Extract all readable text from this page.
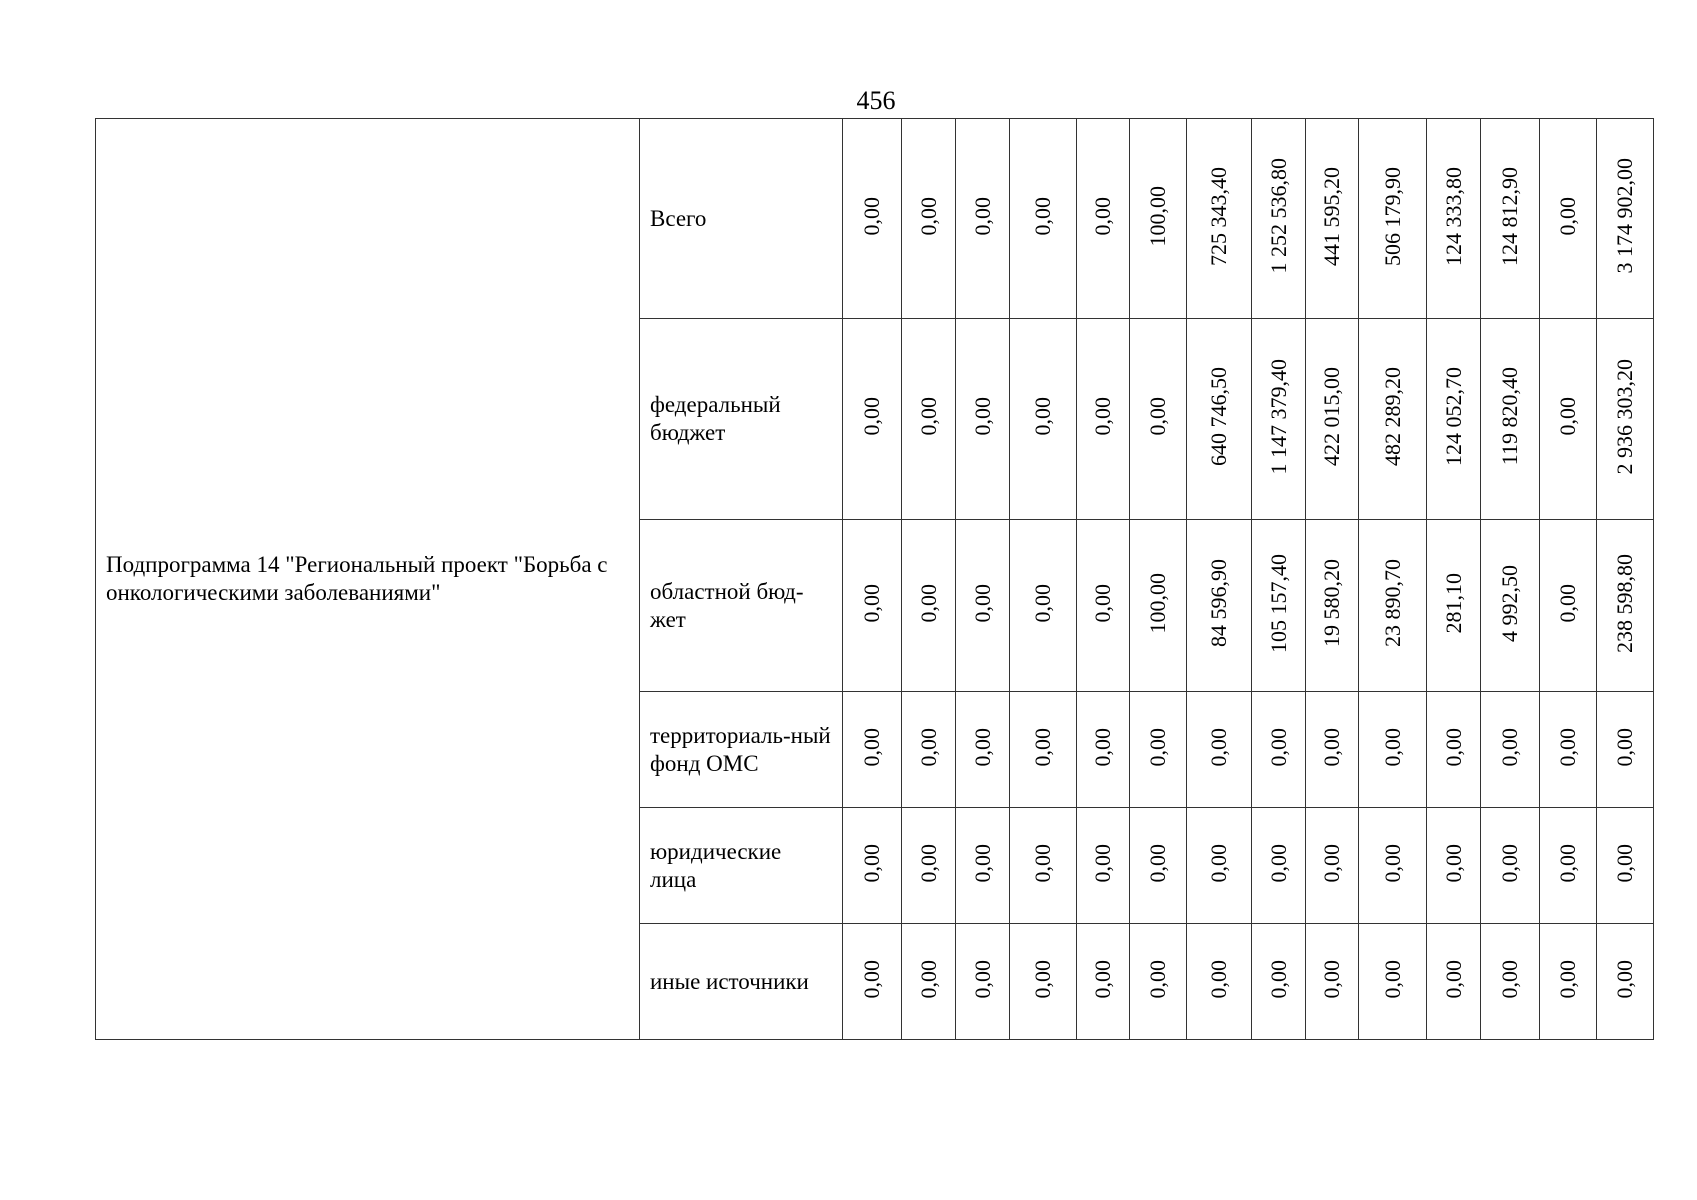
456
Подпрограмма 14 "Региональный проект "Борьба с онкологическими заболеваниями"	Всего	0,00	0,00	0,00	0,00	0,00	100,00	725 343,40	1 252 536,80	441 595,20	506 179,90	124 333,80	124 812,90	0,00	3 174 902,00
	федеральный бюджет	0,00	0,00	0,00	0,00	0,00	0,00	640 746,50	1 147 379,40	422 015,00	482 289,20	124 052,70	119 820,40	0,00	2 936 303,20
	областной бюд-жет	0,00	0,00	0,00	0,00	0,00	100,00	84 596,90	105 157,40	19 580,20	23 890,70	281,10	4 992,50	0,00	238 598,80
	территориаль-ный фонд ОМС	0,00	0,00	0,00	0,00	0,00	0,00	0,00	0,00	0,00	0,00	0,00	0,00	0,00	0,00
	юридические лица	0,00	0,00	0,00	0,00	0,00	0,00	0,00	0,00	0,00	0,00	0,00	0,00	0,00	0,00
	иные источники	0,00	0,00	0,00	0,00	0,00	0,00	0,00	0,00	0,00	0,00	0,00	0,00	0,00	0,00
